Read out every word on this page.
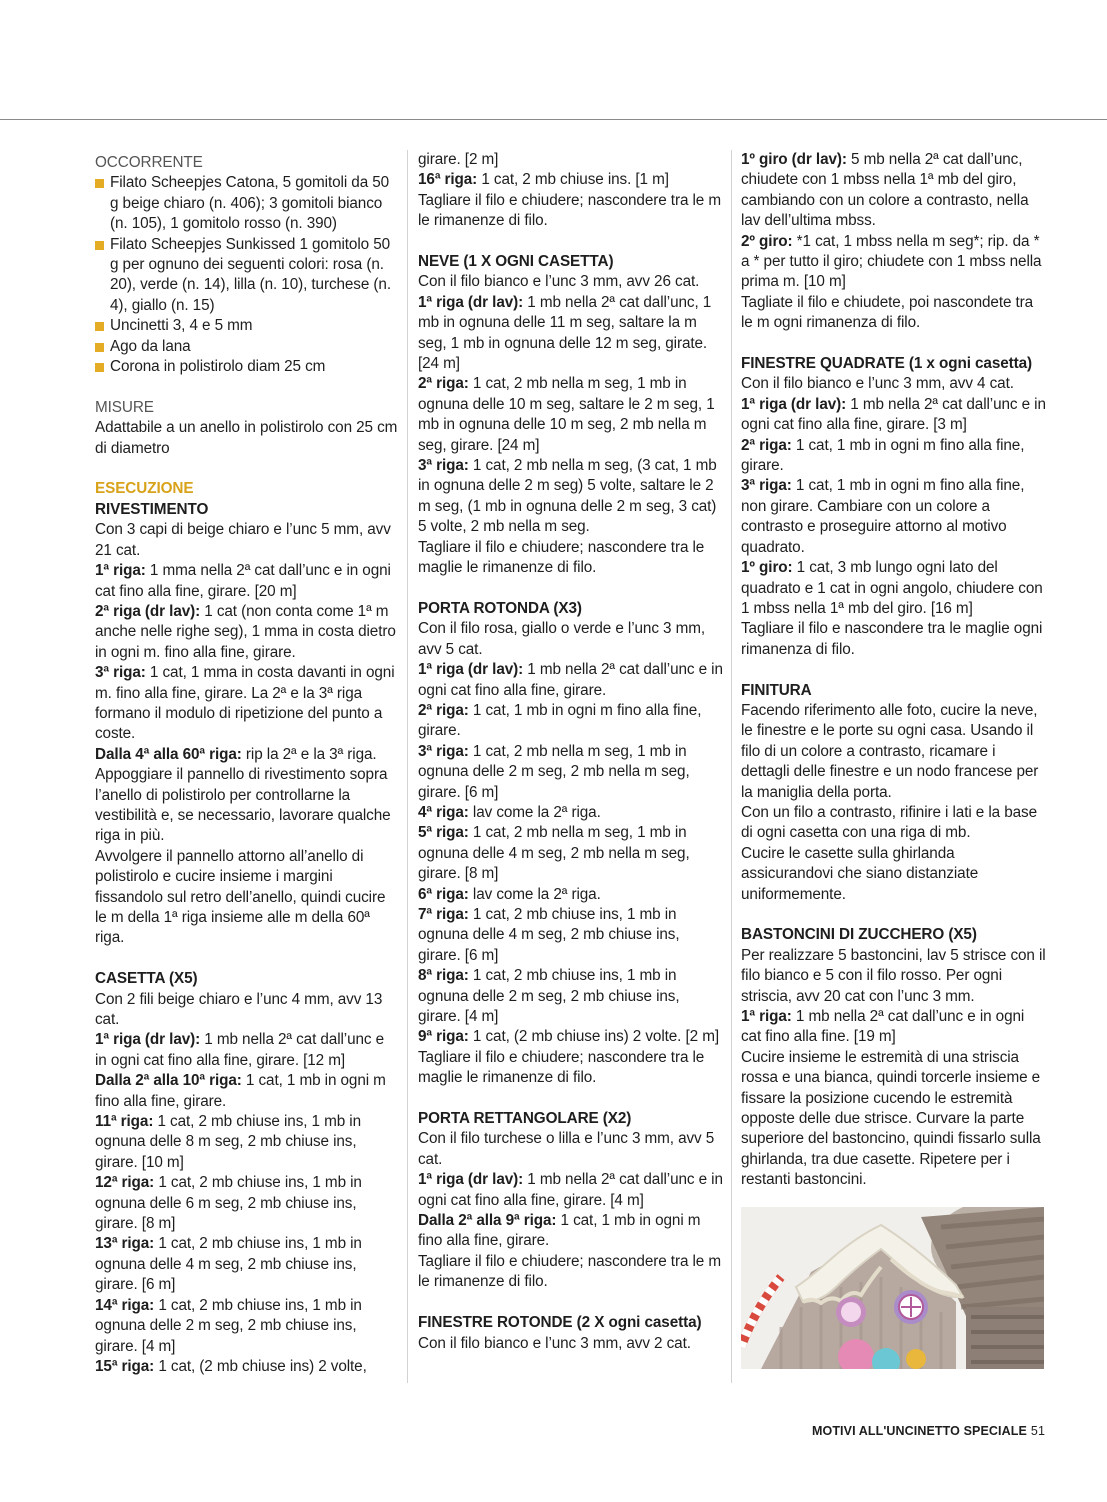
OCCORRENTE

Filato Scheepjes Catona, 5 gomitoli da 50 g beige chiaro (n. 406); 3 gomitoli bianco (n. 105), 1 gomitolo rosso (n. 390)

Filato Scheepjes Sunkissed 1 gomitolo 50 g per ognuno dei seguenti colori: rosa (n. 20), verde (n. 14), lilla (n. 10), turchese (n. 4), giallo (n. 15)

Uncinetti 3, 4 e 5 mm

Ago da lana

Corona in polistirolo diam 25 cm

MISURE

Adattabile a un anello in polistirolo con 25 cm di diametro

ESECUZIONE

RIVESTIMENTO

Con 3 capi di beige chiaro e l’unc 5 mm, avv 21 cat.

1ª riga: 1 mma nella 2ª cat dall’unc e in ogni cat fino alla fine, girare. [20 m]

2ª riga (dr lav): 1 cat (non conta come 1ª m anche nelle righe seg), 1 mma in costa dietro in ogni m. fino alla fine, girare.

3ª riga: 1 cat, 1 mma in costa davanti in ogni m. fino alla fine, girare. La 2ª e la 3ª riga formano il modulo di ripetizione del punto a coste.

Dalla 4ª alla 60ª riga: rip la 2ª e la 3ª riga.

Appoggiare il pannello di rivestimento sopra l’anello di polistirolo per controllarne la vestibilità e, se necessario, lavorare qualche riga in più.

Avvolgere il pannello attorno all’anello di polistirolo e cucire insieme i margini fissandolo sul retro dell’anello, quindi cucire le m della 1ª riga insieme alle m della 60ª riga.

CASETTA (X5)

Con 2 fili beige chiaro e l’unc 4 mm, avv 13 cat.

1ª riga (dr lav): 1 mb nella 2ª cat dall’unc e in ogni cat fino alla fine, girare. [12 m]

Dalla 2ª alla 10ª riga: 1 cat, 1 mb in ogni m fino alla fine, girare.

11ª riga: 1 cat, 2 mb chiuse ins, 1 mb in ognuna delle 8 m seg, 2 mb chiuse ins, girare. [10 m]

12ª riga: 1 cat, 2 mb chiuse ins, 1 mb in ognuna delle 6 m seg, 2 mb chiuse ins, girare. [8 m]

13ª riga: 1 cat, 2 mb chiuse ins, 1 mb in ognuna delle 4 m seg, 2 mb chiuse ins, girare. [6 m]

14ª riga: 1 cat, 2 mb chiuse ins, 1 mb in ognuna delle 2 m seg, 2 mb chiuse ins, girare. [4 m]

15ª riga: 1 cat, (2 mb chiuse ins) 2 volte,

girare. [2 m]

16ª riga: 1 cat, 2 mb chiuse ins. [1 m]

Tagliare il filo e chiudere; nascondere tra le m le rimanenze di filo.

NEVE (1 X OGNI CASETTA)

Con il filo bianco e l’unc 3 mm, avv 26 cat.

1ª riga (dr lav): 1 mb nella 2ª cat dall’unc, 1 mb in ognuna delle 11 m seg, saltare la m seg, 1 mb in ognuna delle 12 m seg, girate. [24 m]

2ª riga: 1 cat, 2 mb nella m seg, 1 mb in ognuna delle 10 m seg, saltare le 2 m seg, 1 mb in ognuna delle 10 m seg, 2 mb nella m seg, girare. [24 m]

3ª riga: 1 cat, 2 mb nella m seg, (3 cat, 1 mb in ognuna delle 2 m seg) 5 volte, saltare le 2 m seg, (1 mb in ognuna delle 2 m seg, 3 cat) 5 volte, 2 mb nella m seg.

Tagliare il filo e chiudere; nascondere tra le maglie le rimanenze di filo.

PORTA ROTONDA (X3)

Con il filo rosa, giallo o verde e l’unc 3 mm, avv 5 cat.

1ª riga (dr lav): 1 mb nella 2ª cat dall’unc e in ogni cat fino alla fine, girare.

2ª riga: 1 cat, 1 mb in ogni m fino alla fine, girare.

3ª riga: 1 cat, 2 mb nella m seg, 1 mb in ognuna delle 2 m seg, 2 mb nella m seg, girare. [6 m]

4ª riga: lav come la 2ª riga.

5ª riga: 1 cat, 2 mb nella m seg, 1 mb in ognuna delle 4 m seg, 2 mb nella m seg, girare. [8 m]

6ª riga: lav come la 2ª riga.

7ª riga: 1 cat, 2 mb chiuse ins, 1 mb in ognuna delle 4 m seg, 2 mb chiuse ins, girare. [6 m]

8ª riga: 1 cat, 2 mb chiuse ins, 1 mb in ognuna delle 2 m seg, 2 mb chiuse ins, girare. [4 m]

9ª riga: 1 cat, (2 mb chiuse ins) 2 volte. [2 m]

Tagliare il filo e chiudere; nascondere tra le maglie le rimanenze di filo.

PORTA RETTANGOLARE (X2)

Con il filo turchese o lilla e l’unc 3 mm, avv 5 cat.

1ª riga (dr lav): 1 mb nella 2ª cat dall’unc e in ogni cat fino alla fine, girare. [4 m]

Dalla 2ª alla 9ª riga: 1 cat, 1 mb in ogni m fino alla fine, girare.

Tagliare il filo e chiudere; nascondere tra le m le rimanenze di filo.

FINESTRE ROTONDE (2 X ogni casetta)

Con il filo bianco e l’unc 3 mm, avv 2 cat.

1º giro (dr lav): 5 mb nella 2ª cat dall’unc, chiudete con 1 mbss nella 1ª mb del giro, cambiando con un colore a contrasto, nella lav dell’ultima mbss.

2º giro: *1 cat, 1 mbss nella m seg*; rip. da * a * per tutto il giro; chiudete con 1 mbss nella prima m. [10 m]

Tagliate il filo e chiudete, poi nascondete tra le m ogni rimanenza di filo.

FINESTRE QUADRATE (1 x ogni casetta)

Con il filo bianco e l’unc 3 mm, avv 4 cat.

1ª riga (dr lav): 1 mb nella 2ª cat dall’unc e in ogni cat fino alla fine, girare. [3 m]

2ª riga: 1 cat, 1 mb in ogni m fino alla fine, girare.

3ª riga: 1 cat, 1 mb in ogni m fino alla fine, non girare. Cambiare con un colore a contrasto e proseguire attorno al motivo quadrato.

1º giro: 1 cat, 3 mb lungo ogni lato del quadrato e 1 cat in ogni angolo, chiudere con 1 mbss nella 1ª mb del giro. [16 m]

Tagliare il filo e nascondere tra le maglie ogni rimanenza di filo.

FINITURA

Facendo riferimento alle foto, cucire la neve, le finestre e le porte su ogni casa. Usando il filo di un colore a contrasto, ricamare i dettagli delle finestre e un nodo francese per la maniglia della porta.

Con un filo a contrasto, rifinire i lati e la base di ogni casetta con una riga di mb.

Cucire le casette sulla ghirlanda assicurandovi che siano distanziate uniformemente.

BASTONCINI DI ZUCCHERO (X5)

Per realizzare 5 bastoncini, lav 5 strisce con il filo bianco e 5 con il filo rosso. Per ogni striscia, avv 20 cat con l’unc 3 mm.

1ª riga: 1 mb nella 2ª cat dall’unc e in ogni cat fino alla fine. [19 m]

Cucire insieme le estremità di una striscia rossa e una bianca, quindi torcerle insieme e fissare la posizione cucendo le estremità opposte delle due strisce. Curvare la parte superiore del bastoncino, quindi fissarlo sulla ghirlanda, tra due casette. Ripetere per i restanti bastoncini.

MOTIVI ALL'UNCINETTO SPECIALE 51
